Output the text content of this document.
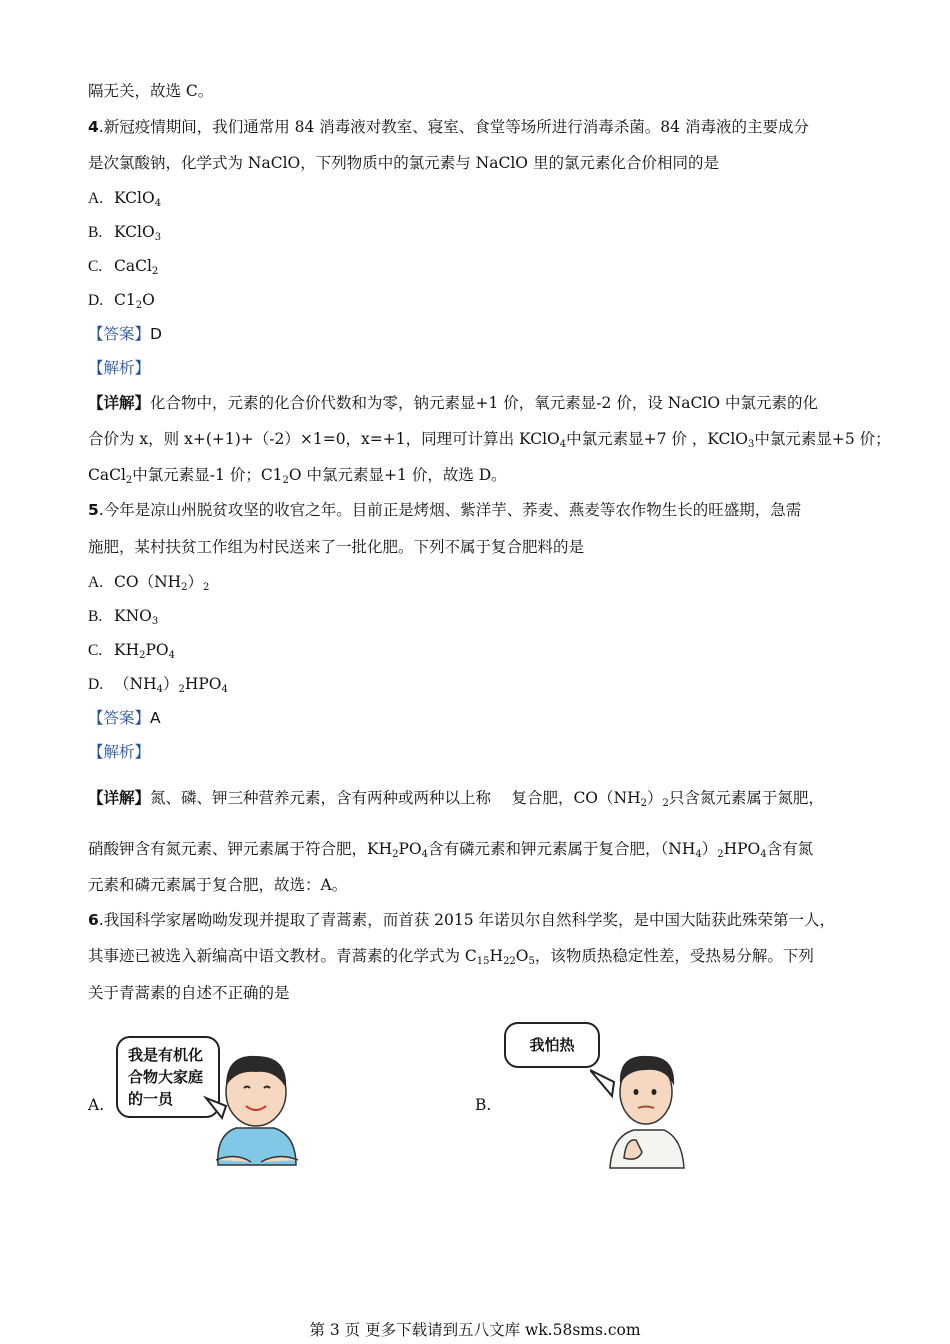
隔无关，故选 C。
4.新冠疫情期间，我们通常用 84 消毒液对教室、寝室、食堂等场所进行消毒杀菌。84 消毒液的主要成分
是次氯酸钠，化学式为 NaClO，下列物质中的氯元素与 NaClO 里的氯元素化合价相同的是
A. KClO$_4$
B. KClO$_3$
C. CaCl$_2$
D. $C1_2O$
【答案】D
【解析】
【详解】化合物中，元素的化合价代数和为零，钠元素显+1 价，氧元素显-2 价，设 NaClO 中氯元素的化
合价为 x，则 x+(+1)+（-2）×1=0，x=+1，同理可计算出 KClO$_4$中氯元素显+7 价 ，KClO$_3$中氯元素显+5 价；
CaCl$_2$中氯元素显-1 价；$C1_2O$ 中氯元素显+1 价，故选 D。
5.今年是凉山州脱贫攻坚的收官之年。目前正是烤烟、紫洋芋、荞麦、燕麦等农作物生长的旺盛期，急需
施肥，某村扶贫工作组为村民送来了一批化肥。下列不属于复合肥料的是
A. $CO(NH_2)_2$
B. $KNO_3$
C. $KH_2PO_4$
D. $(NH_4)_2HPO_4$
【答案】A
【解析】
【详解】氮、磷、钾三种营养元素，含有两种或两种以上称　 复合肥，$CO(NH_2)_2$只含氮元素属于氮肥，
硝酸钾含有氮元素、钾元素属于符合肥，$KH_2PO_4$含有磷元素和钾元素属于复合肥，$(NH_4)_2HPO_4$含有氮
元素和磷元素属于复合肥，故选：A。
6.我国科学家屠呦呦发现并提取了青蒿素，而首获 2015 年诺贝尔自然科学奖，是中国大陆获此殊荣第一人，
其事迹已被选入新编高中语文教材。青蒿素的化学式为 $C_{15}H_{22}O_5$，该物质热稳定性差，受热易分解。下列
关于青蒿素的自述不正确的是
A.
我是有机化
合物大家庭
的一员	B.
我怕热
第 3 页 更多下载请到五八文库 wk.58sms.com
